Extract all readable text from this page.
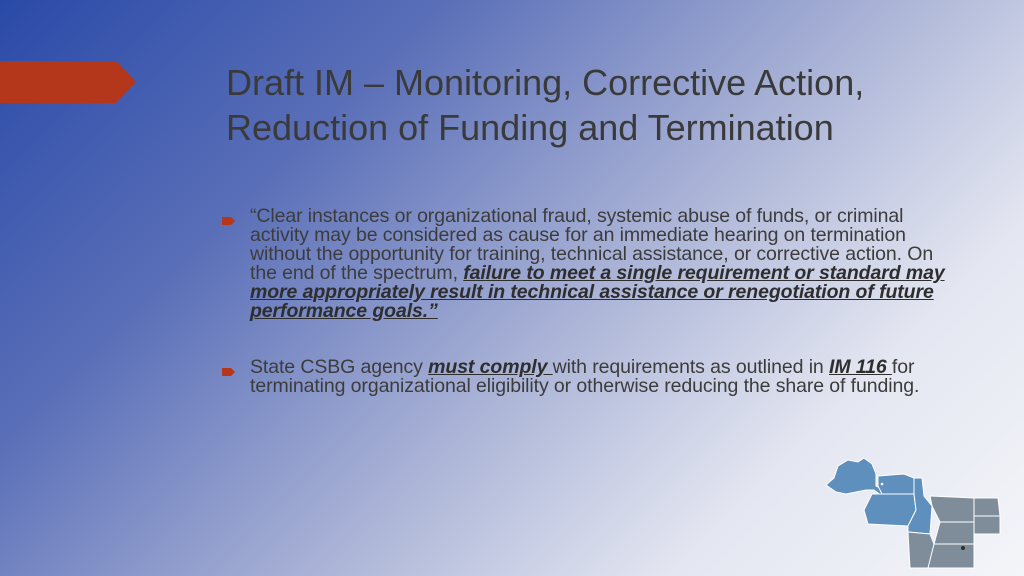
Draft IM – Monitoring, Corrective Action, Reduction of Funding and Termination
“Clear instances or organizational fraud, systemic abuse of funds, or criminal activity may be considered as cause for an immediate hearing on termination without the opportunity for training, technical assistance, or corrective action. On the end of the spectrum, failure to meet a single requirement or standard may more appropriately result in technical assistance or renegotiation of future performance goals.”
State CSBG agency must comply with requirements as outlined in IM 116 for terminating organizational eligibility or otherwise reducing the share of funding.
